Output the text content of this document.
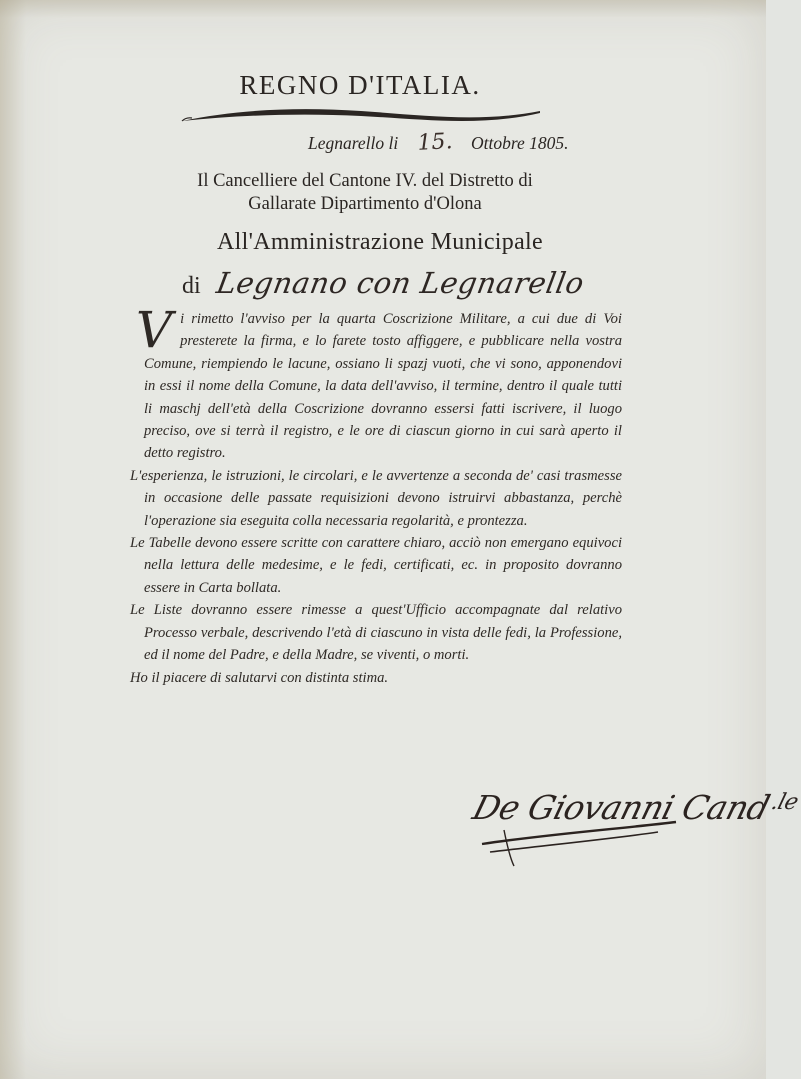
REGNO D'ITALIA.
Legnarello li 15. Ottobre 1805.
Il Cancelliere del Cantone IV. del Distretto di
Gallarate Dipartimento d'Olona
All'Amministrazione Municipale
di Legnano con Legnarello

Vi rimetto l'avviso per la quarta Coscrizione Militare, a cui due di Voi presterete la firma, e lo farete tosto affiggere, e pubblicare nella vostra Comune, riempiendo le lacune, ossiano li spazj vuoti, che vi sono, apponendovi in essi il nome della Comune, la data dell'avviso, il termine, dentro il quale tutti li maschj dell'età della Coscrizione dovranno essersi fatti iscrivere, il luogo preciso, ove si terrà il registro, e le ore di ciascun giorno in cui sarà aperto il detto registro.

L'esperienza, le istruzioni, le circolari, e le avvertenze a seconda de' casi trasmesse in occasione delle passate requisizioni devono istruirvi abbastanza, perchè l'operazione sia eseguita colla necessaria regolarità, e prontezza.

Le Tabelle devono essere scritte con carattere chiaro, acciò non emergano equivoci nella lettura delle medesime, e le fedi, certificati, ec. in proposito dovranno essere in Carta bollata.

Le Liste dovranno essere rimesse a quest'Ufficio accompagnate dal relativo Processo verbale, descrivendo l'età di ciascuno in vista delle fedi, la Professione, ed il nome del Padre, e della Madre, se viventi, o morti.

Ho il piacere di salutarvi con distinta stima.

De Giovanni Cand$^{.le}$
